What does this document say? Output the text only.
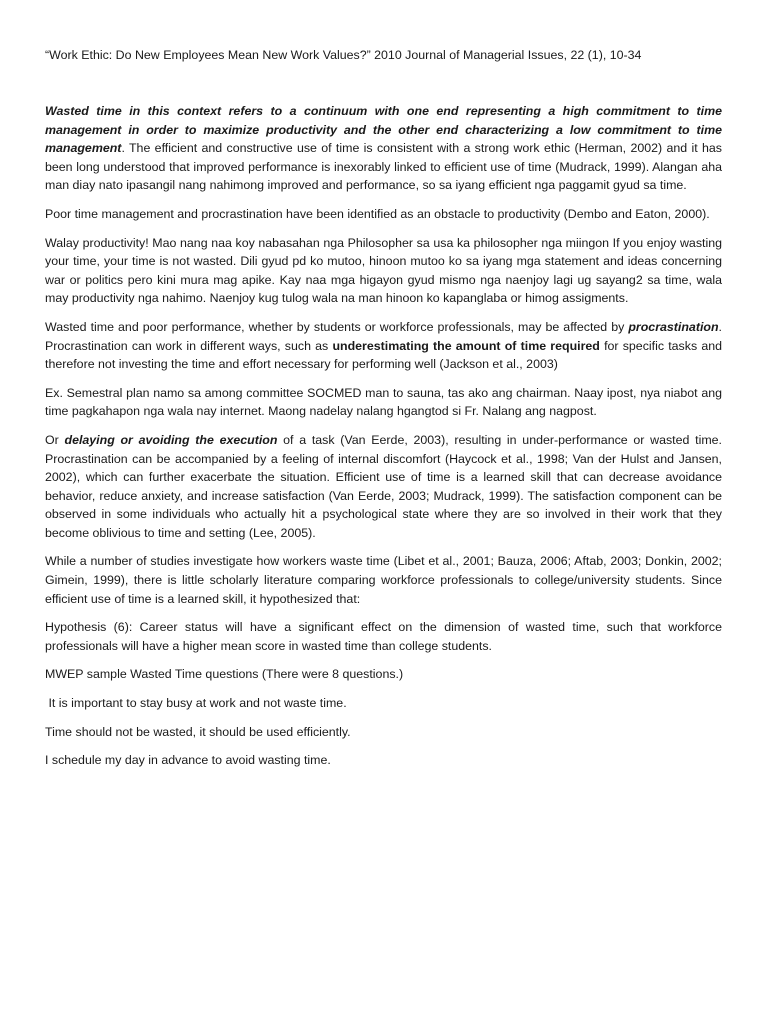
“Work Ethic: Do New Employees Mean New Work Values?” 2010 Journal of Managerial Issues, 22 (1), 10-34

Wasted time in this context refers to a continuum with one end representing a high commitment to time management in order to maximize productivity and the other end characterizing a low commitment to time management. The efficient and constructive use of time is consistent with a strong work ethic (Herman, 2002) and it has been long understood that improved performance is inexorably linked to efficient use of time (Mudrack, 1999). Alangan aha man diay nato ipasangil nang nahimong improved and performance, so sa iyang efficient nga paggamit gyud sa time.

Poor time management and procrastination have been identified as an obstacle to productivity (Dembo and Eaton, 2000).

Walay productivity! Mao nang naa koy nabasahan nga Philosopher sa usa ka philosopher nga miingon If you enjoy wasting your time, your time is not wasted. Dili gyud pd ko mutoo, hinoon mutoo ko sa iyang mga statement and ideas concerning war or politics pero kini mura mag apike. Kay naa mga higayon gyud mismo nga naenjoy lagi ug sayang2 sa time, wala may productivity nga nahimo. Naenjoy kug tulog wala na man hinoon ko kapanglaba or himog assigments.

Wasted time and poor performance, whether by students or workforce professionals, may be affected by procrastination. Procrastination can work in different ways, such as underestimating the amount of time required for specific tasks and therefore not investing the time and effort necessary for performing well (Jackson et al., 2003)

Ex. Semestral plan namo sa among committee SOCMED man to sauna, tas ako ang chairman. Naay ipost, nya niabot ang time pagkahapon nga wala nay internet. Maong nadelay nalang hgangtod si Fr. Nalang ang nagpost.

Or delaying or avoiding the execution of a task (Van Eerde, 2003), resulting in under-performance or wasted time. Procrastination can be accompanied by a feeling of internal discomfort (Haycock et al., 1998; Van der Hulst and Jansen, 2002), which can further exacerbate the situation. Efficient use of time is a learned skill that can decrease avoidance behavior, reduce anxiety, and increase satisfaction (Van Eerde, 2003; Mudrack, 1999). The satisfaction component can be observed in some individuals who actually hit a psychological state where they are so involved in their work that they become oblivious to time and setting (Lee, 2005).

While a number of studies investigate how workers waste time (Libet et al., 2001; Bauza, 2006; Aftab, 2003; Donkin, 2002; Gimein, 1999), there is little scholarly literature comparing workforce professionals to college/university students. Since efficient use of time is a learned skill, it hypothesized that:

Hypothesis (6): Career status will have a significant effect on the dimension of wasted time, such that workforce professionals will have a higher mean score in wasted time than college students.

MWEP sample Wasted Time questions (There were 8 questions.)

It is important to stay busy at work and not waste time.

Time should not be wasted, it should be used efficiently.

I schedule my day in advance to avoid wasting time.
